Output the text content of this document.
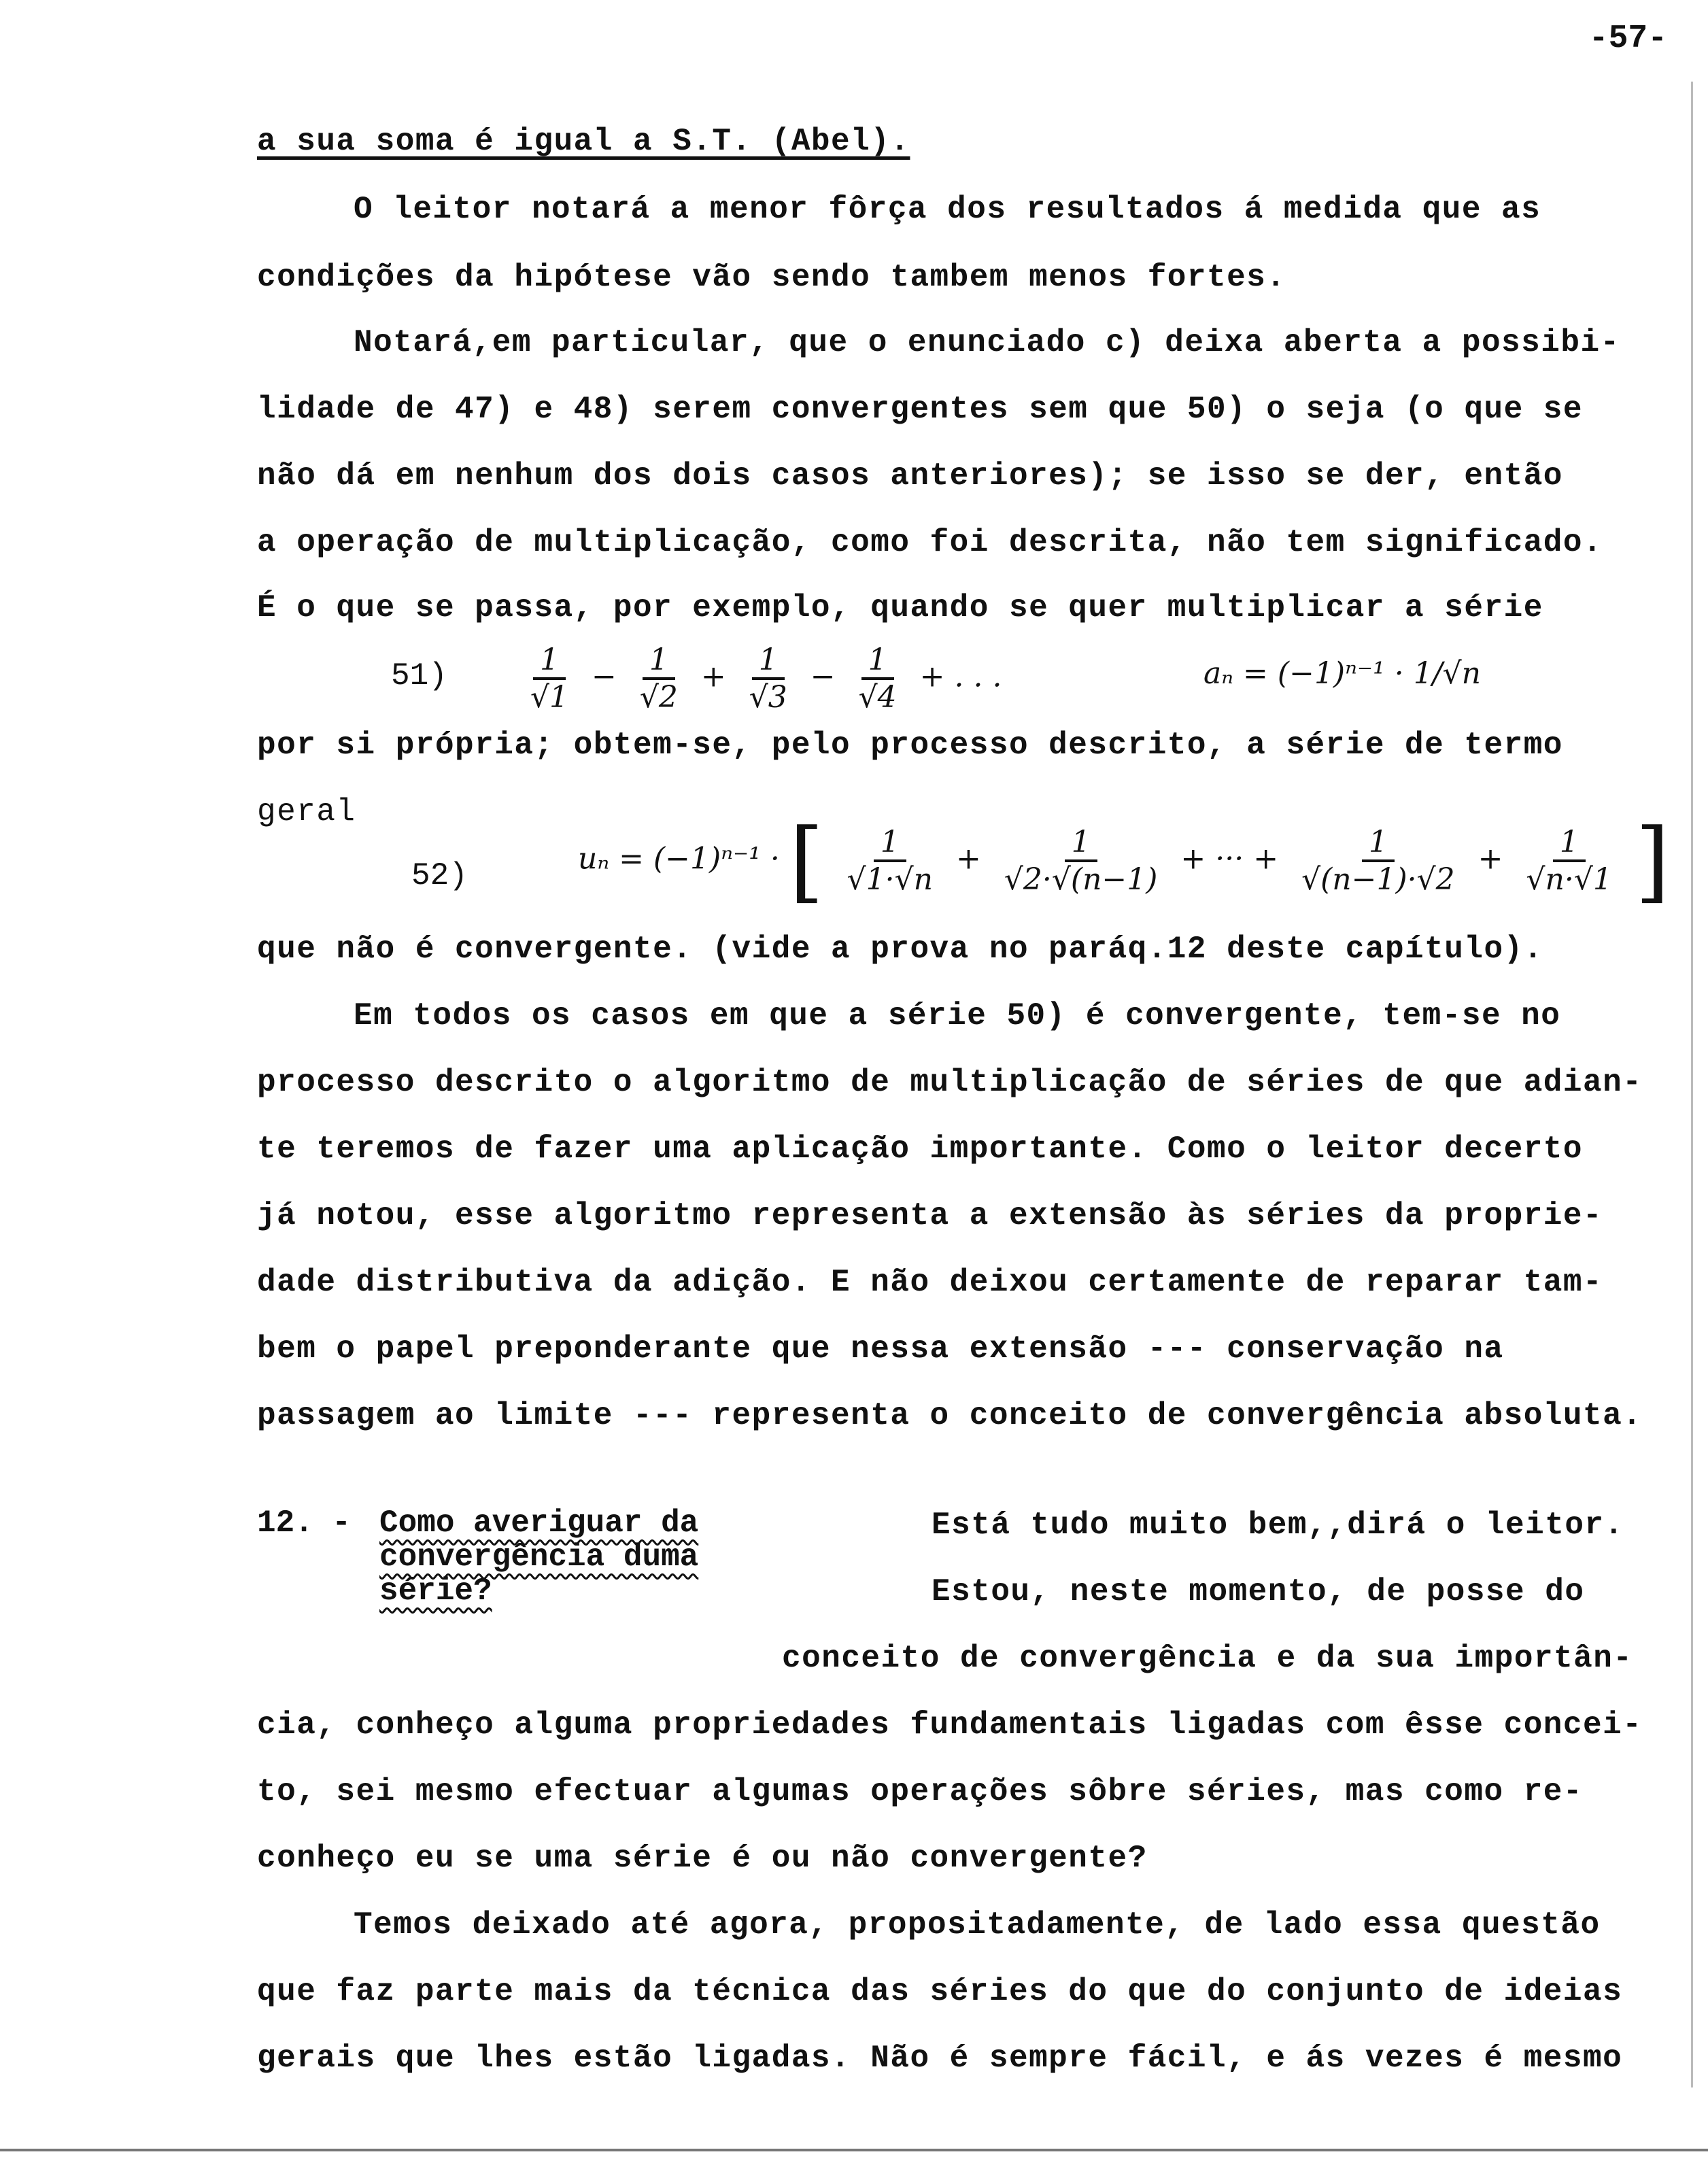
-57-
a sua soma é igual a S.T. (Abel).
O leitor notará a menor fôrça dos resultados á medida que as
condições da hipótese vão sendo tambem menos fortes.
Notará,em particular, que o enunciado c) deixa aberta a possibi-
lidade de 47) e 48) serem convergentes sem que 50) o seja (o que se
não dá em nenhum dos dois casos anteriores); se isso se der, então
a operação de multiplicação, como foi descrita, não tem significado.
É o que se passa, por exemplo, quando se quer multiplicar a série
51)	$\frac{1}{√1} - \frac{1}{√2} + \frac{1}{√3} - \frac{1}{√4}$ + . . .	aₙ = (−1)ⁿ⁻¹ · 1/√n
por si própria; obtem-se, pelo processo descrito, a série de termo
geral
52)	uₙ = (−1)ⁿ⁻¹ · [ $\frac{1}{√1\cdot√n} + \frac{1}{√2\cdot√(n-1)}$ + ··· + $\frac{1}{√(n-1)\cdot√2} + \frac{1}{√n\cdot√1}$ ]
que não é convergente. (vide a prova no paráq.12 deste capítulo).
Em todos os casos em que a série 50) é convergente, tem-se no
processo descrito o algoritmo de multiplicação de séries de que adian-
te teremos de fazer uma aplicação importante. Como o leitor decerto
já notou, esse algoritmo representa a extensão às séries da proprie-
dade distributiva da adição. E não deixou certamente de reparar tam-
bem o papel preponderante que nessa extensão --- conservação na
passagem ao limite --- representa o conceito de convergência absoluta.
12. - Como averiguar da
convergência duma
série?
Está tudo muito bem,,dirá o leitor.
Estou, neste momento, de posse do
conceito de convergência e da sua importân-
cia, conheço alguma propriedades fundamentais ligadas com êsse concei-
to, sei mesmo efectuar algumas operações sôbre séries, mas como re-
conheço eu se uma série é ou não convergente?
Temos deixado até agora, propositadamente, de lado essa questão
que faz parte mais da técnica das séries do que do conjunto de ideias
gerais que lhes estão ligadas. Não é sempre fácil, e ás vezes é mesmo
